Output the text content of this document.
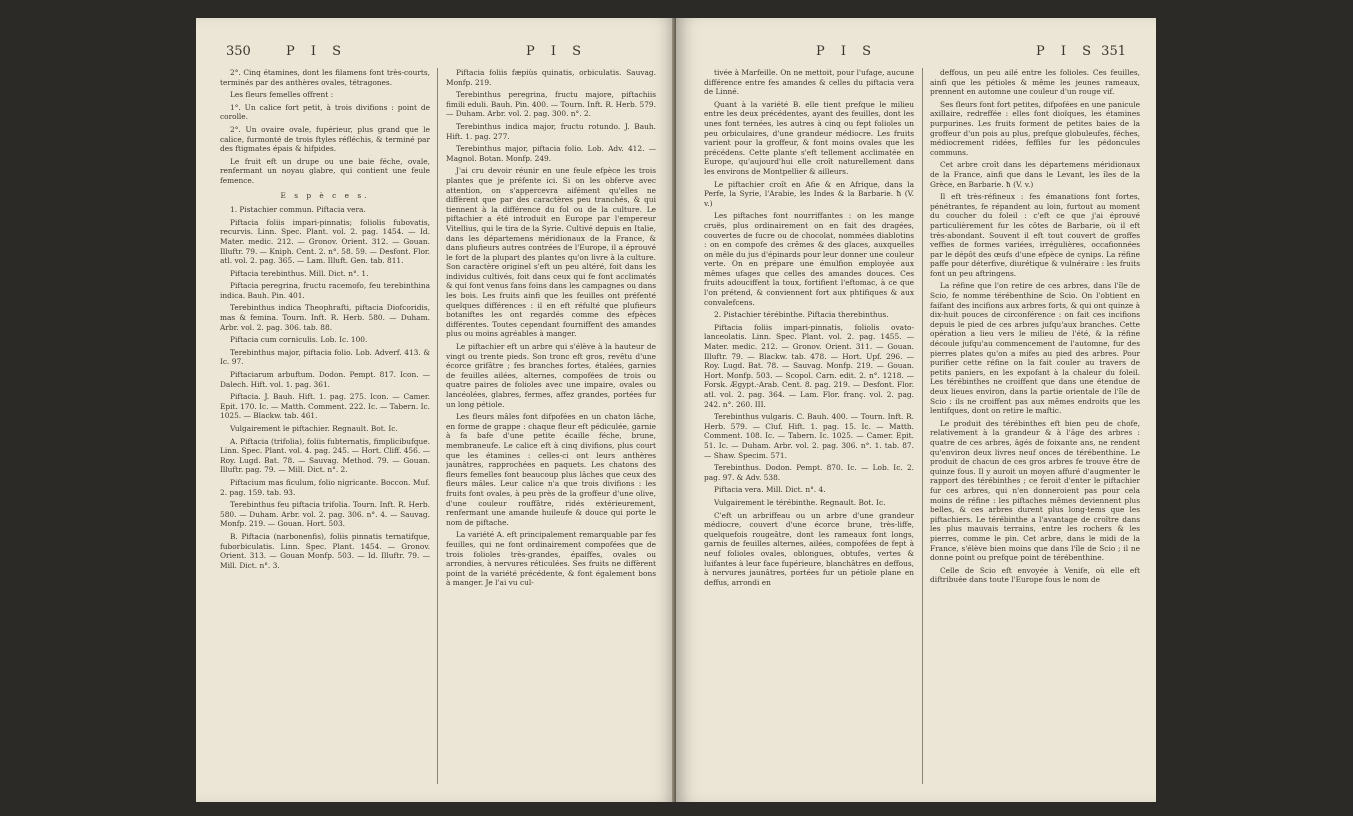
350	P I S	P I S

2°. Cinq étamines, dont les filamens font très-courts, terminés par des anthères ovales, tétragones.

Les fleurs femelles offrent :

1°. Un calice fort petit, à trois divifions : point de corolle.

2°. Un ovaire ovale, fupérieur, plus grand que le calice, furmonté de trois ftyles réfléchis, & terminé par des ftigmates épais & hifpides.

Le fruit eft un drupe ou une baie féche, ovale, renfermant un noyau glabre, qui contient une feule femence.

E s p è c e s.

1. Pistachier commun. Piftacia vera.

Piftacia foliis impari-pinnatis; foliolis fubovatis, recurvis. Linn. Spec. Plant. vol. 2. pag. 1454. — Id. Mater. medic. 212. — Gronov. Orient. 312. — Gouan. Illuftr. 79. — Kniph. Cent. 2. n°. 58. 59. — Desfont. Flor. atl. vol. 2. pag. 365. — Lam. Illuft. Gen. tab. 811.

Piftacia terebinthus. Mill. Dict. n°. 1.

Piftacia peregrina, fructu racemofo, feu terebinthina indica. Bauh. Pin. 401.

Terebinthus indica Theophrafti, piftacia Diofcoridis, mas & femina. Tourn. Inft. R. Herb. 580. — Duham. Arbr. vol. 2. pag. 306. tab. 88.

Piftacia cum corniculis. Lob. Ic. 100.

Terebinthus major, piftacia folio. Lob. Adverf. 413. & Ic. 97.

Piftaciarum arbuftum. Dodon. Pempt. 817. Icon. — Dalech. Hift. vol. 1. pag. 361.

Piftacia. J. Bauh. Hift. 1. pag. 275. Icon. — Camer. Epit. 170. Ic. — Matth. Comment. 222. Ic. — Tabern. Ic. 1025. — Blackw. tab. 461.

Vulgairement le piftachier. Regnault. Bot. Ic.

A. Piftacia (trifolia), foliis fubternatis, fimplicibufque. Linn. Spec. Plant. vol. 4. pag. 245. — Hort. Cliff. 456. — Roy. Lugd. Bat. 78. — Sauvag. Method. 79. — Gouan. Illuftr. pag. 79. — Mill. Dict. n°. 2.

Piftacium mas ficulum, folio nigricante. Boccon. Muf. 2. pag. 159. tab. 93.

Terebinthus feu piftacia trifolia. Tourn. Inft. R. Herb. 580. — Duham. Arbr. vol. 2. pag. 306. n°. 4. — Sauvag. Monfp. 219. — Gouan. Hort. 503.

B. Piftacia (narbonenfis), foliis pinnatis ternatifque, fuborbiculatis. Linn. Spec. Plant. 1454. — Gronov. Orient. 313. — Gouan Monfp. 503. — Id. Illuftr. 79. — Mill. Dict. n°. 3.

Piftacia foliis fæpiùs quinatis, orbiculatis. Sauvag. Monfp. 219.

Terebinthus peregrina, fructu majore, piftachiis fimili eduli. Bauh. Pin. 400. — Tourn. Inft. R. Herb. 579. — Duham. Arbr. vol. 2. pag. 300. n°. 2.

Terebinthus indica major, fructu rotundo. J. Bauh. Hift. 1. pag. 277.

Terebinthus major, piftacia folio. Lob. Adv. 412. — Magnol. Botan. Monfp. 249.

J'ai cru devoir réunir en une feule efpèce les trois plantes que je préfente ici. Si on les obferve avec attention, on s'appercevra aifément qu'elles ne diffèrent que par des caractères peu tranchés, & qui tiennent à la différence du fol ou de la culture. Le piftachier a été introduit en Europe par l'empereur Vitellius, qui le tira de la Syrie. Cultivé depuis en Italie, dans les départemens méridionaux de la France, & dans plufieurs autres contrées de l'Europe, il a éprouvé le fort de la plupart des plantes qu'on livre à la culture. Son caractère originel s'eft un peu altéré, foit dans les individus cultivés, foit dans ceux qui fe font acclimatés & qui font venus fans foins dans les campagnes ou dans les bois. Les fruits ainfi que les feuilles ont préfenté quelques différences : il en eft réfulté que plufieurs botaniftes les ont regardés comme des efpèces différentes. Toutes cependant fourniffent des amandes plus ou moins agréables à manger.

Le piftachier eft un arbre qui s'élève à la hauteur de vingt ou trente pieds. Son tronc eft gros, revêtu d'une écorce grifâtre ; fes branches fortes, étalées, garnies de feuilles ailées, alternes, compofées de trois ou quatre paires de folioles avec une impaire, ovales ou lancéolées, glabres, fermes, affez grandes, portées fur un long pétiole.

Les fleurs mâles font difpofées en un chaton lâche, en forme de grappe : chaque fleur eft pédiculée, garnie à fa bafe d'une petite écaille féche, brune, membraneufe. Le calice eft à cinq divifions, plus court que les étamines : celles-ci ont leurs anthères jaunâtres, rapprochées en paquets. Les chatons des fleurs femelles font beaucoup plus lâches que ceux des fleurs mâles. Leur calice n'a que trois divifions : les fruits font ovales, à peu près de la groffeur d'une olive, d'une couleur rouffâtre, ridés extérieurement, renfermant une amande huileufe & douce qui porte le nom de piftache.

La variété A. eft principalement remarquable par fes feuilles, qui ne font ordinairement compofées que de trois folioles très-grandes, épaiffes, ovales ou arrondies, à nervures réticulées. Ses fruits ne diffèrent point de la variété précédente, & font également bons à manger. Je l'ai vu cul-

P I S	P I S 351

tivée à Marfeille. On ne mettoit, pour l'ufage, aucune différence entre fes amandes & celles du piftacia vera de Linné.

Quant à la variété B. elle tient prefque le milieu entre les deux précédentes, ayant des feuilles, dont les unes font ternées, les autres à cinq ou fept folioles un peu orbiculaires, d'une grandeur médiocre. Les fruits varient pour la groffeur, & font moins ovales que les précédens. Cette plante s'eft tellement acclimatée en Europe, qu'aujourd'hui elle croît naturellement dans les environs de Montpellier & ailleurs.

Le piftachier croît en Afie & en Afrique, dans la Perfe, la Syrie, l'Arabie, les Indes & la Barbarie. ħ (V. v.)

Les piftaches font nourriffantes : on les mange cruës, plus ordinairement on en fait des dragées, couvertes de fucre ou de chocolat, nommées diablotins : on en compofe des crêmes & des glaces, auxquelles on mêle du jus d'épinards pour leur donner une couleur verte. On en prépare une émulfion employée aux mêmes ufages que celles des amandes douces. Ces fruits adouciffent la toux, fortifient l'eftomac, à ce que l'on prétend, & conviennent fort aux phtifiques & aux convalefcens.

2. Pistachier térébinthe. Piftacia therebinthus.

Piftacia foliis impari-pinnatis, foliolis ovato-lanceolatis. Linn. Spec. Plant. vol. 2. pag. 1455. — Mater. medic. 212. — Gronov. Orient. 311. — Gouan. Illuftr. 79. — Blackw. tab. 478. — Hort. Upf. 296. — Roy. Lugd. Bat. 78. — Sauvag. Monfp. 219. — Gouan. Hort. Monfp. 503. — Scopol. Carn. edit. 2. n°. 1218. — Forsk. Ægypt.-Arab. Cent. 8. pag. 219. — Desfont. Flor. atl. vol. 2. pag. 364. — Lam. Flor. franç. vol. 2. pag. 242. n°. 260. III.

Terebinthus vulgaris. C. Bauh. 400. — Tourn. Inft. R. Herb. 579. — Cluf. Hift. 1. pag. 15. Ic. — Matth. Comment. 108. Ic. — Tabern. Ic. 1025. — Camer. Epit. 51. Ic. — Duham. Arbr. vol. 2. pag. 306. n°. 1. tab. 87. — Shaw. Specim. 571.

Terebinthus. Dodon. Pempt. 870. Ic. — Lob. Ic. 2. pag. 97. & Adv. 538.

Piftacia vera. Mill. Dict. n°. 4.

Vulgairement le térébinthe. Regnault. Bot. Ic.

C'eft un arbriffeau ou un arbre d'une grandeur médiocre, couvert d'une écorce brune, très-liffe, quelquefois rougeâtre, dont les rameaux font longs, garnis de feuilles alternes, ailées, compofées de fept à neuf folioles ovales, oblongues, obtufes, vertes & luifantes à leur face fupérieure, blanchâtres en deffous, à nervures jaunâtres, portées fur un pétiole plane en deffus, arrondi en

deffous, un peu ailé entre les folioles. Ces feuilles, ainfi que les pétioles & même les jeunes rameaux, prennent en automne une couleur d'un rouge vif.

Ses fleurs font fort petites, difpofées en une panicule axillaire, redreffée : elles font dioïques, les étamines purpurines. Les fruits forment de petites baies de la groffeur d'un pois au plus, prefque globuleufes, féches, médiocrement ridées, feffiles fur les pédoncules communs.

Cet arbre croît dans les départemens méridionaux de la France, ainfi que dans le Levant, les îles de la Grèce, en Barbarie. ħ (V. v.)

Il eft très-réfineux : fes émanations font fortes, pénétrantes, fe répandent au loin, furtout au moment du coucher du foleil : c'eft ce que j'ai éprouvé particulièrement fur les côtes de Barbarie, où il eft très-abondant. Souvent il eft tout couvert de groffes veffies de formes variées, irrégulières, occafionnées par le dépôt des œufs d'une efpèce de cynips. La réfine paffe pour déterfive, diurétique & vulnéraire : les fruits font un peu aftringens.

La réfine que l'on retire de ces arbres, dans l'île de Scio, fe nomme térébenthine de Scio. On l'obtient en faifant des incifions aux arbres forts, & qui ont quinze à dix-huit pouces de circonférence : on fait ces incifions depuis le pied de ces arbres jufqu'aux branches. Cette opération a lieu vers le milieu de l'été, & la réfine découle jufqu'au commencement de l'automne, fur des pierres plates qu'on a mifes au pied des arbres. Pour purifier cette réfine on la fait couler au travers de petits paniers, en les expofant à la chaleur du foleil. Les térébinthes ne croiffent que dans une étendue de deux lieues environ, dans la partie orientale de l'île de Scio : ils ne croiffent pas aux mêmes endroits que les lentifques, dont on retire le maftic.

Le produit des térébinthes eft bien peu de chofe, relativement à la grandeur & à l'âge des arbres : quatre de ces arbres, âgés de foixante ans, ne rendent qu'environ deux livres neuf onces de térébenthine. Le produit de chacun de ces gros arbres fe trouve être de quinze fous. Il y auroit un moyen affuré d'augmenter le rapport des térébinthes ; ce feroit d'enter le piftachier fur ces arbres, qui n'en donneroient pas pour cela moins de réfine : les piftaches mêmes deviennent plus belles, & ces arbres durent plus long-tems que les piftachiers. Le térébinthe a l'avantage de croître dans les plus mauvais terrains, entre les rochers & les pierres, comme le pin. Cet arbre, dans le midi de la France, s'élève bien moins que dans l'île de Scio ; il ne donne point ou prefque point de térébenthine.

Celle de Scio eft envoyée à Venife, où elle eft diftribuée dans toute l'Europe fous le nom de
